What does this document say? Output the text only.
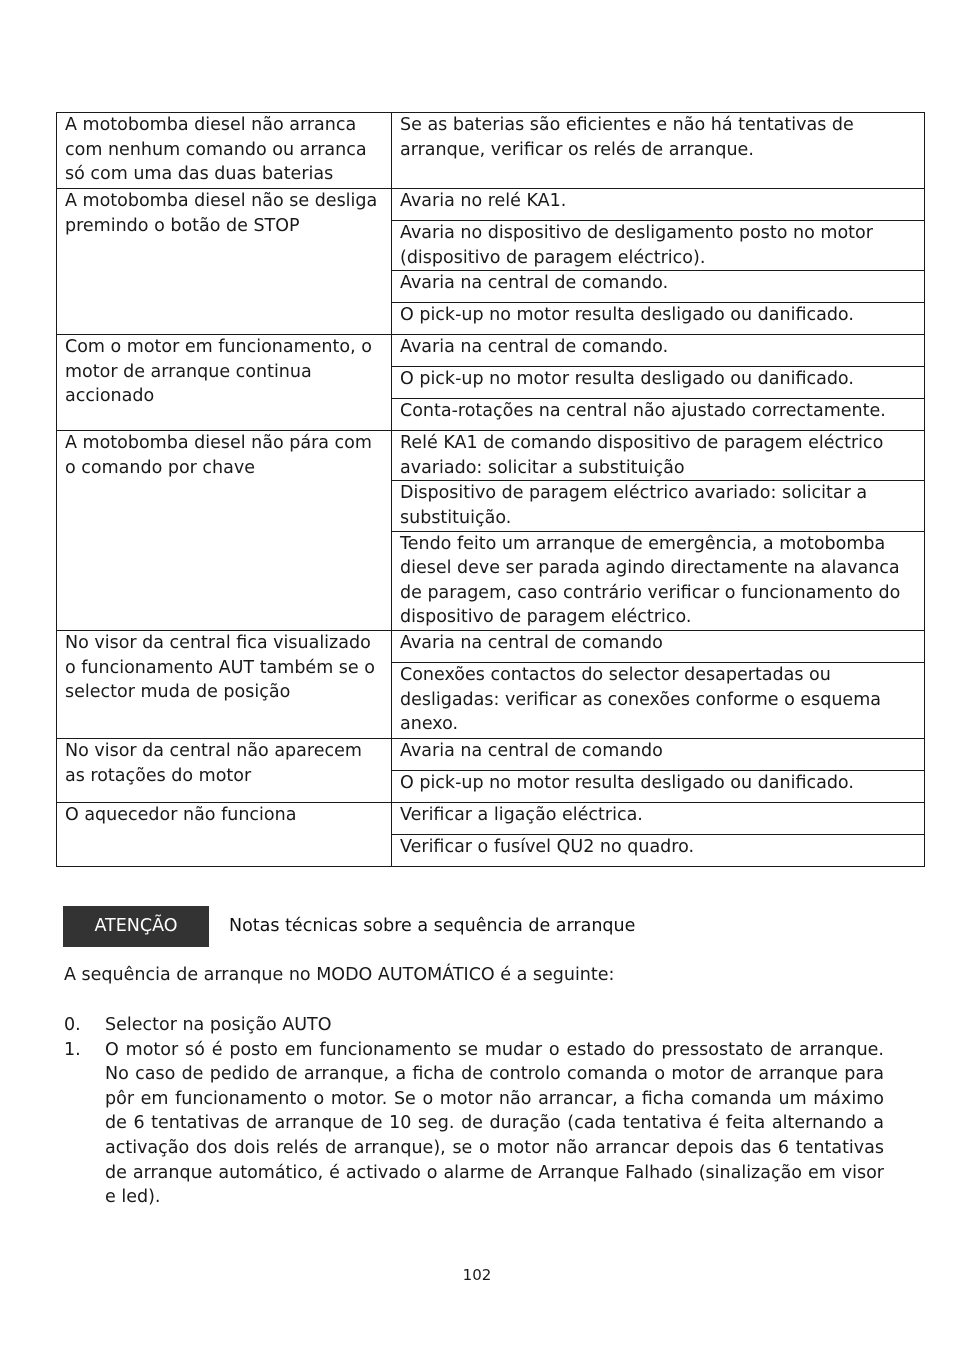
A motobomba diesel não arranca com nenhum comando ou arranca só com uma das duas baterias	Se as baterias são eficientes e não há tentativas de arranque, verificar os relés de arranque.
A motobomba diesel não se desliga premindo o botão de STOP	Avaria no relé KA1.
	Avaria no dispositivo de desligamento posto no motor (dispositivo de paragem eléctrico).
	Avaria na central de comando.
	O pick-up no motor resulta desligado ou danificado.
Com o motor em funcionamento, o motor de arranque continua accionado	Avaria na central de comando.
	O pick-up no motor resulta desligado ou danificado.
	Conta-rotações na central não ajustado correctamente.
A motobomba diesel não pára com o comando por chave	Relé KA1 de comando dispositivo de paragem eléctrico avariado: solicitar a substituição
	Dispositivo de paragem eléctrico avariado: solicitar a substituição.
	Tendo feito um arranque de emergência, a motobomba diesel deve ser parada agindo directamente na alavanca de paragem, caso contrário verificar o funcionamento do dispositivo de paragem eléctrico.
No visor da central fica visualizado o funcionamento AUT também se o selector muda de posição	Avaria na central de comando
	Conexões contactos do selector desapertadas ou desligadas: verificar as conexões conforme o esquema anexo.
No visor da central não aparecem as rotações do motor	Avaria na central de comando
	O pick-up no motor resulta desligado ou danificado.
O aquecedor não funciona	Verificar a ligação eléctrica.
	Verificar o fusível QU2 no quadro.
ATENÇÃO	Notas técnicas sobre a sequência de arranque
A sequência de arranque no MODO AUTOMÁTICO é a seguinte:
0. Selector na posição AUTO
1. O motor só é posto em funcionamento se mudar o estado do pressostato de arranque. No caso de pedido de arranque, a ficha de controlo comanda o motor de arranque para pôr em funcionamento o motor. Se o motor não arrancar, a ficha comanda um máximo de 6 tentativas de arranque de 10 seg. de duração (cada tentativa é feita alternando a activação dos dois relés de arranque), se o motor não arrancar depois das 6 tentativas de arranque automático, é activado o alarme de Arranque Falhado (sinalização em visor e led).
102
